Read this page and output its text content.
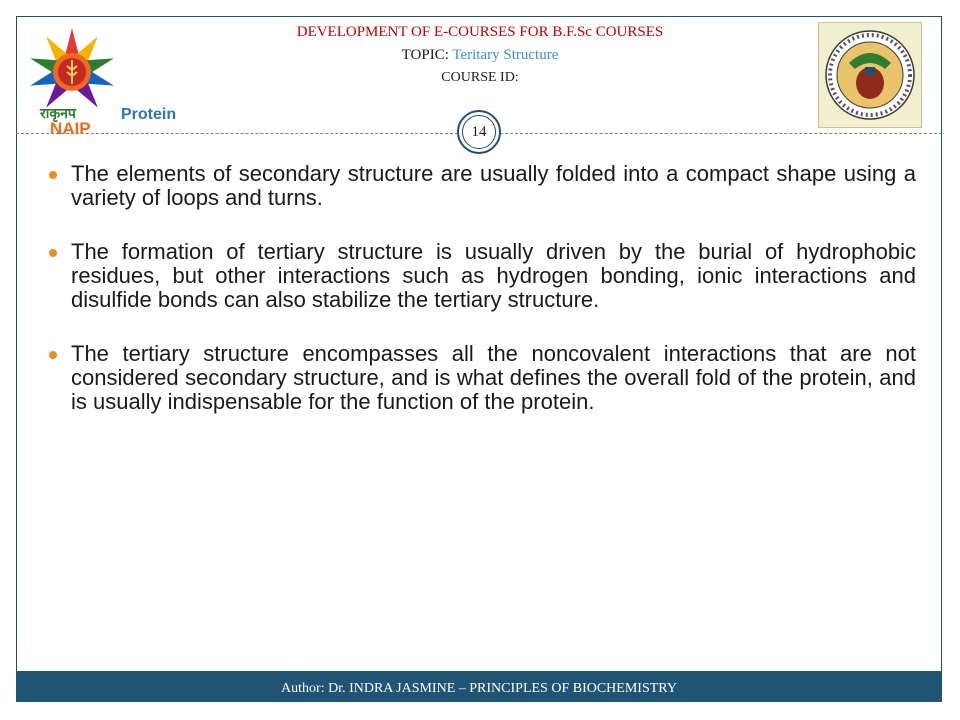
राकृनप
NAIP
DEVELOPMENT OF E-COURSES FOR B.F.Sc COURSES
TOPIC: Teritary Structure
COURSE ID:
Protein
14
The elements of secondary structure are usually folded into a compact shape using a variety of loops and turns.
The formation of tertiary structure is usually driven by the burial of hydrophobic residues, but other interactions such as hydrogen bonding, ionic interactions and disulfide bonds can also stabilize the tertiary structure.
The tertiary structure encompasses all the noncovalent interactions that are not considered secondary structure, and is what defines the overall fold of the protein, and is usually indispensable for the function of the protein.
Author: Dr. INDRA JASMINE – PRINCIPLES OF BIOCHEMISTRY
